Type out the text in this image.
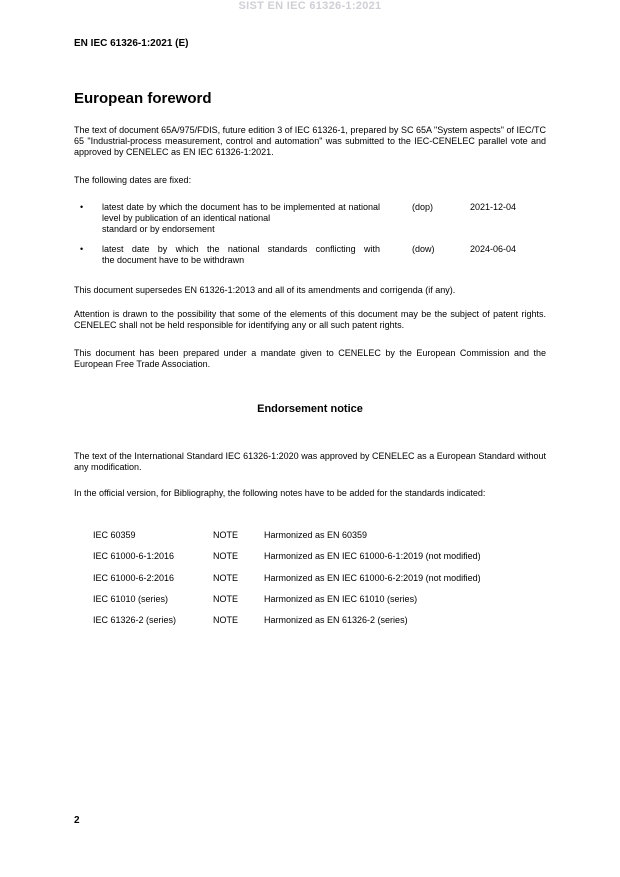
SIST EN IEC 61326-1:2021
EN IEC 61326-1:2021 (E)
European foreword

The text of document 65A/975/FDIS, future edition 3 of IEC 61326-1, prepared by SC 65A "System aspects" of IEC/TC 65 "Industrial-process measurement, control and automation" was submitted to the IEC-CENELEC parallel vote and approved by CENELEC as EN IEC 61326-1:2021.

The following dates are fixed:

• latest date by which the document has to be implemented at national level by publication of an identical national
standard or by endorsement
(dop)	2021-12-04
• latest date by which the national standards conflicting with
the document have to be withdrawn
(dow)	2024-06-04

This document supersedes EN 61326-1:2013 and all of its amendments and corrigenda (if any).

Attention is drawn to the possibility that some of the elements of this document may be the subject of patent rights. CENELEC shall not be held responsible for identifying any or all such patent rights.

This document has been prepared under a mandate given to CENELEC by the European Commission and the European Free Trade Association.

Endorsement notice

The text of the International Standard IEC 61326-1:2020 was approved by CENELEC as a European Standard without any modification.

In the official version, for Bibliography, the following notes have to be added for the standards indicated:

IEC 60359	NOTE	Harmonized as EN 60359
IEC 61000-6-1:2016	NOTE	Harmonized as EN IEC 61000-6-1:2019 (not modified)
IEC 61000-6-2:2016	NOTE	Harmonized as EN IEC 61000-6-2:2019 (not modified)
IEC 61010 (series)	NOTE	Harmonized as EN IEC 61010 (series)
IEC 61326-2 (series)	NOTE	Harmonized as EN 61326-2 (series)
2
